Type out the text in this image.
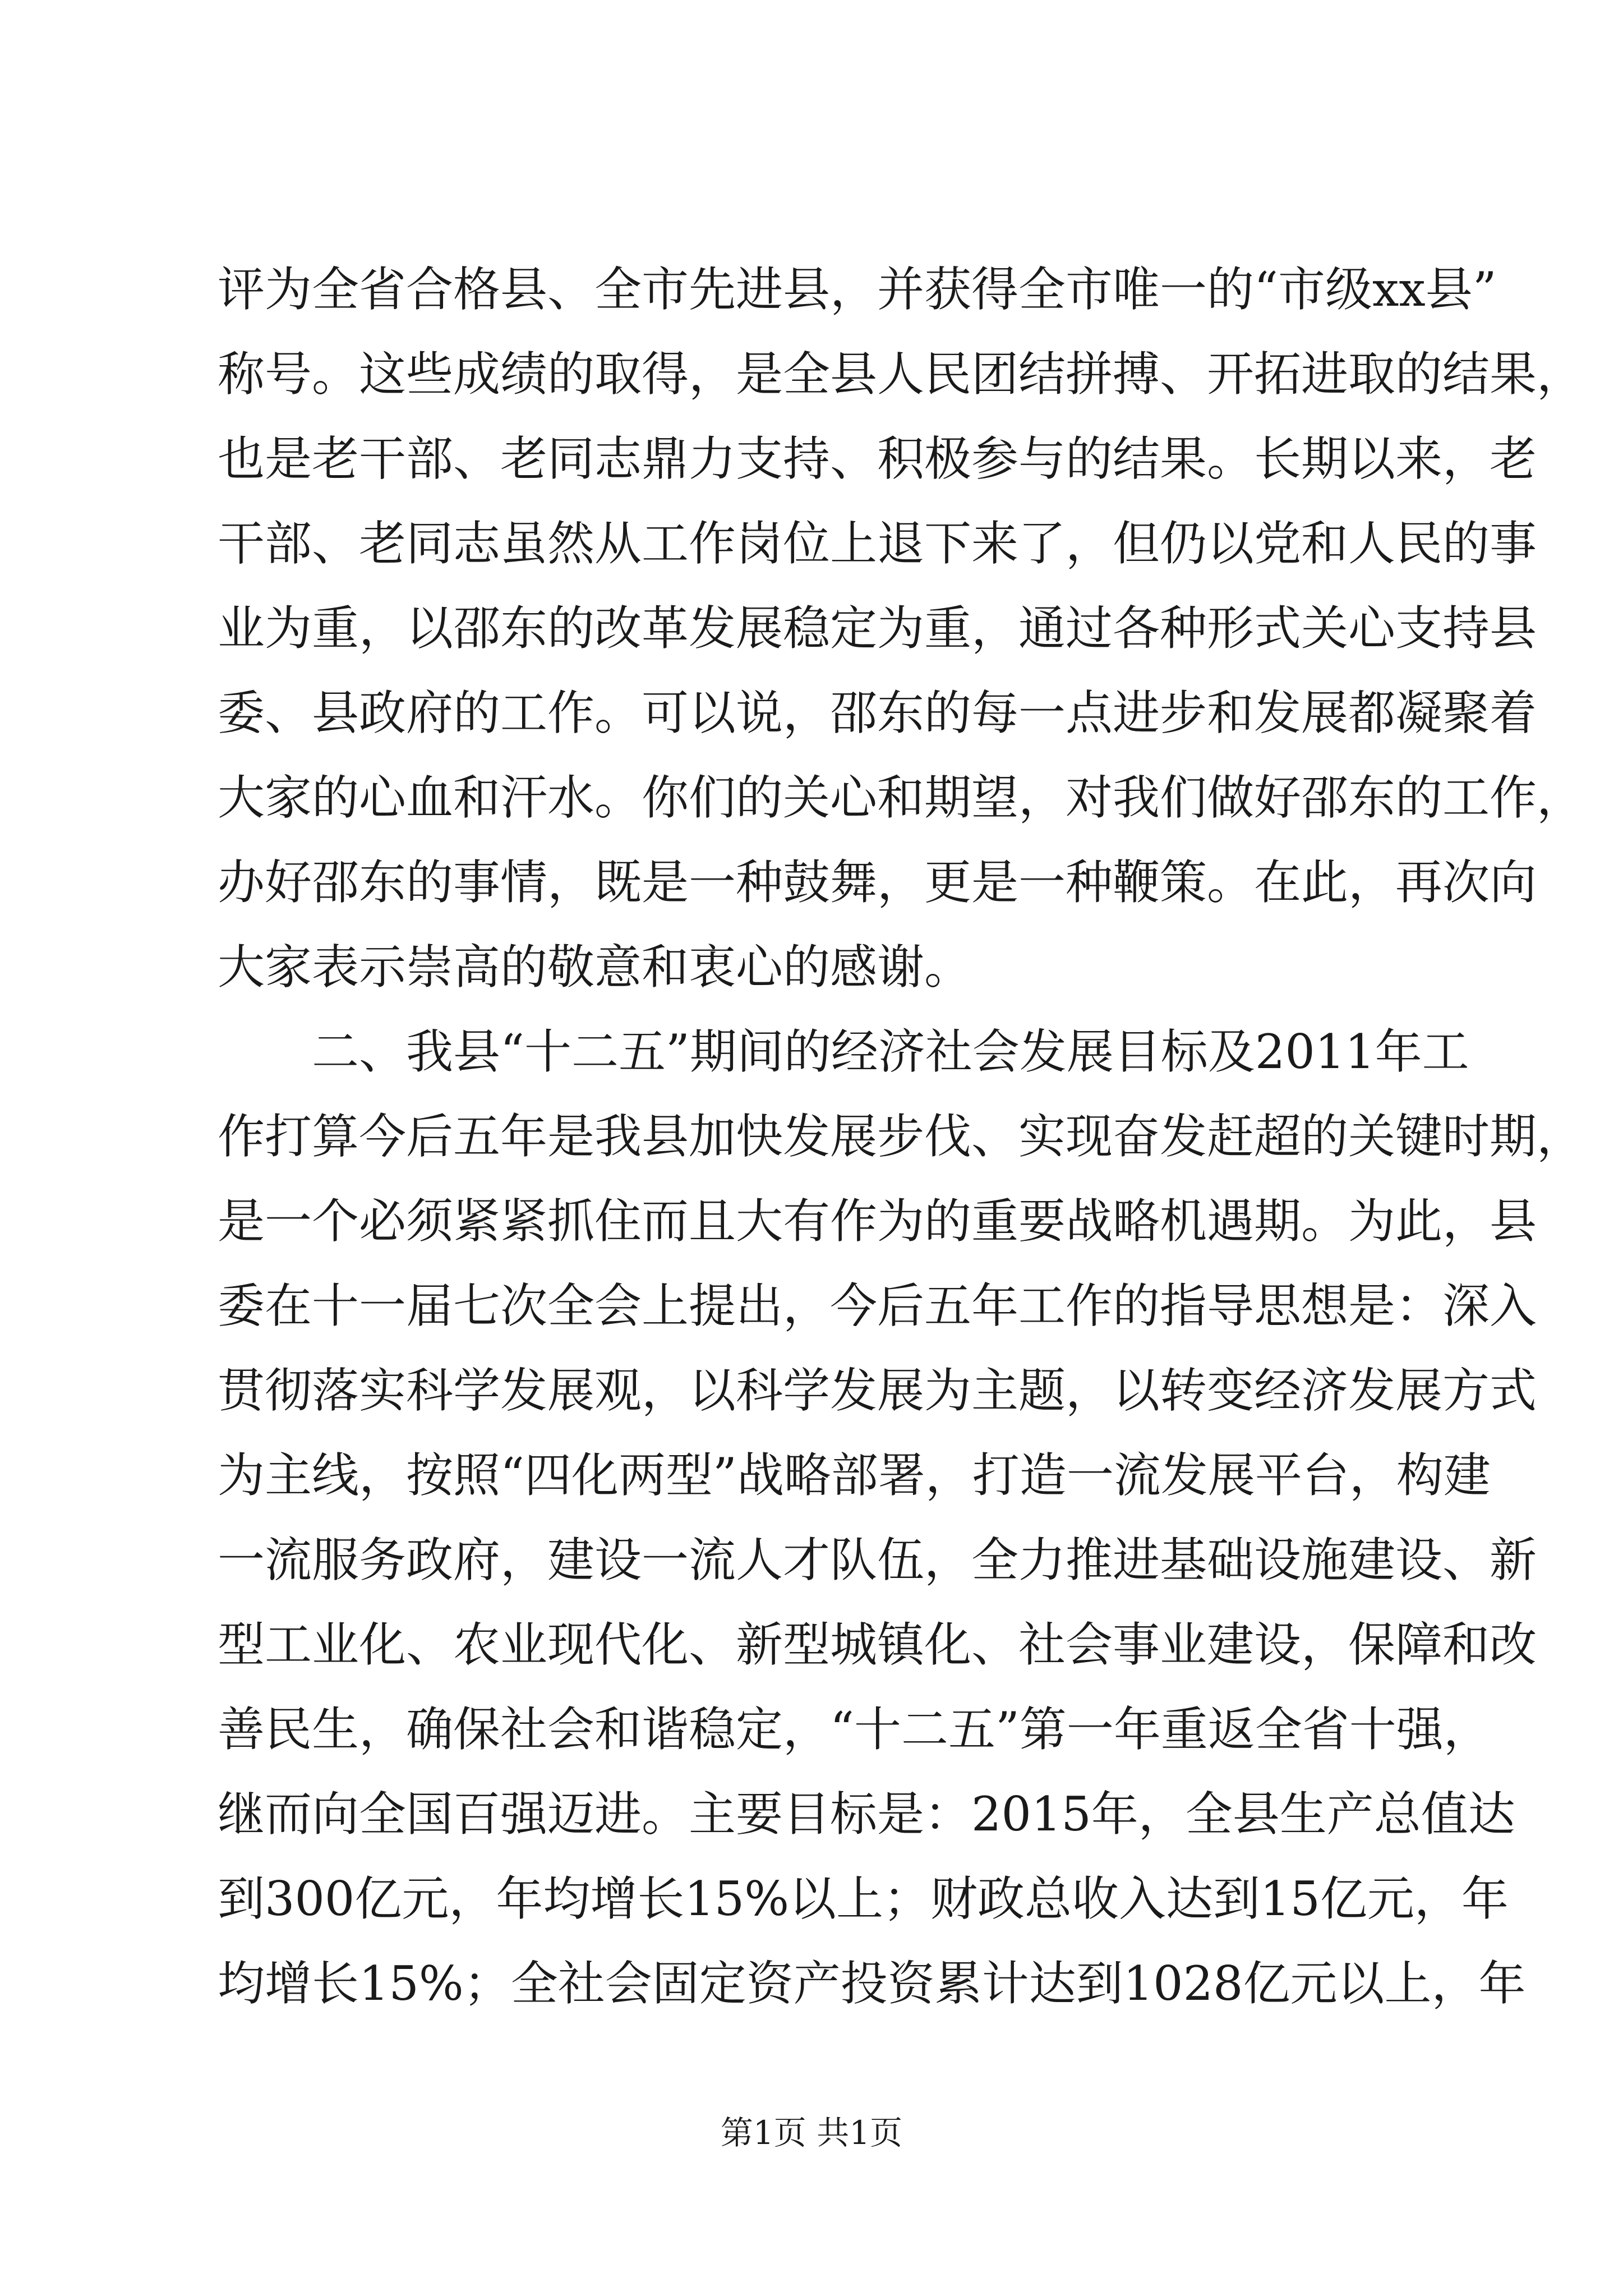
评为全省合格县、全市先进县，并获得全市唯一的“市级xx县”
称号。这些成绩的取得，是全县人民团结拼搏、开拓进取的结果，
也是老干部、老同志鼎力支持、积极参与的结果。长期以来，老
干部、老同志虽然从工作岗位上退下来了，但仍以党和人民的事
业为重，以邵东的改革发展稳定为重，通过各种形式关心支持县
委、县政府的工作。可以说，邵东的每一点进步和发展都凝聚着
大家的心血和汗水。你们的关心和期望，对我们做好邵东的工作，
办好邵东的事情，既是一种鼓舞，更是一种鞭策。在此，再次向
大家表示崇高的敬意和衷心的感谢。
　　二、我县“十二五”期间的经济社会发展目标及2011年工
作打算今后五年是我县加快发展步伐、实现奋发赶超的关键时期，
是一个必须紧紧抓住而且大有作为的重要战略机遇期。为此，县
委在十一届七次全会上提出，今后五年工作的指导思想是：深入
贯彻落实科学发展观，以科学发展为主题，以转变经济发展方式
为主线，按照“四化两型”战略部署，打造一流发展平台，构建
一流服务政府，建设一流人才队伍，全力推进基础设施建设、新
型工业化、农业现代化、新型城镇化、社会事业建设，保障和改
善民生，确保社会和谐稳定，“十二五”第一年重返全省十强，
继而向全国百强迈进。主要目标是：2015年，全县生产总值达
到300亿元，年均增长15%以上；财政总收入达到15亿元，年
均增长15%；全社会固定资产投资累计达到1028亿元以上，年
第1页 共1页
